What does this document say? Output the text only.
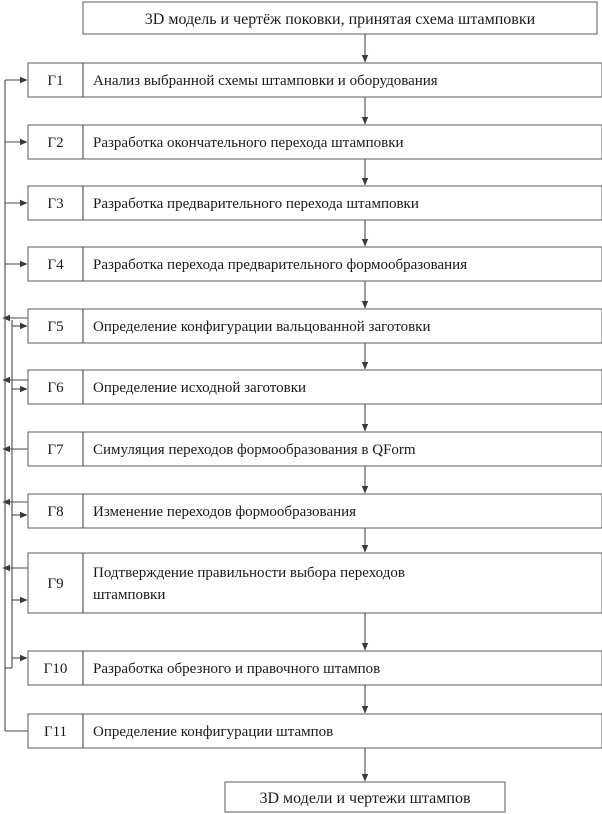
3D модель и чертёж поковки, принятая схема штамповки
Г1 Анализ выбранной схемы штамповки и оборудования
Г2 Разработка окончательного перехода штамповки
Г3 Разработка предварительного перехода штамповки
Г4 Разработка перехода предварительного формообразования
Г5 Определение конфигурации вальцованной заготовки
Г6 Определение исходной заготовки
Г7 Симуляция переходов формообразования в QForm
Г8 Изменение переходов формообразования
Г9
Подтверждение правильности выбора переходов
штамповки
Г10 Разработка обрезного и правочного штампов
Г11 Определение конфигурации штампов
3D модели и чертежи штампов
